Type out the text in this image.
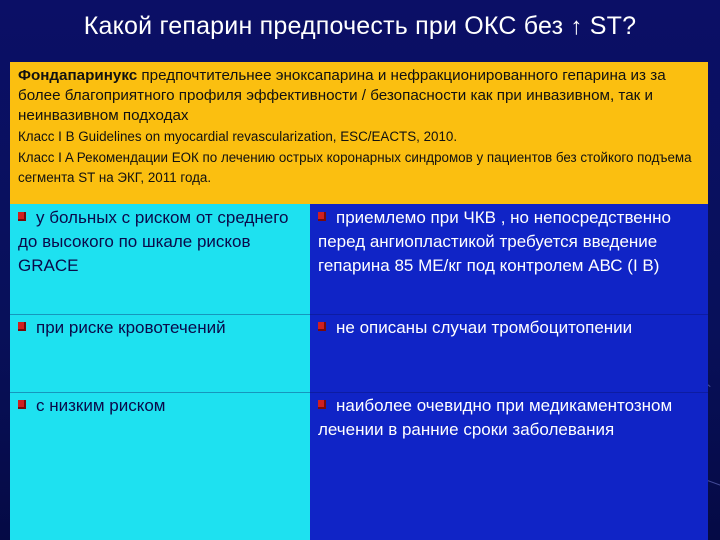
Какой гепарин предпочесть при ОКС без ↑ ST?
Фондапаринукс предпочтительнее эноксапарина и нефракционированного гепарина из за более благоприятного профиля эффективности / безопасности как при инвазивном, так и неинвазивном подходах
Класс I B Guidelines on myocardial revascularization, ESC/EACTS, 2010.
Класс I A Рекомендации ЕОК по лечению острых коронарных синдромов у пациентов без стойкого подъема сегмента ST на ЭКГ, 2011 года.
у больных с риском от среднего до высокого по шкале рисков GRACE
приемлемо при ЧКВ , но непосредственно перед ангиопластикой требуется введение гепарина 85 МЕ/кг под контролем АВС (I B)
при риске кровотечений	не описаны случаи тромбоцитопении
с низким риском	наиболее очевидно при медикаментозном лечении в ранние сроки заболевания
